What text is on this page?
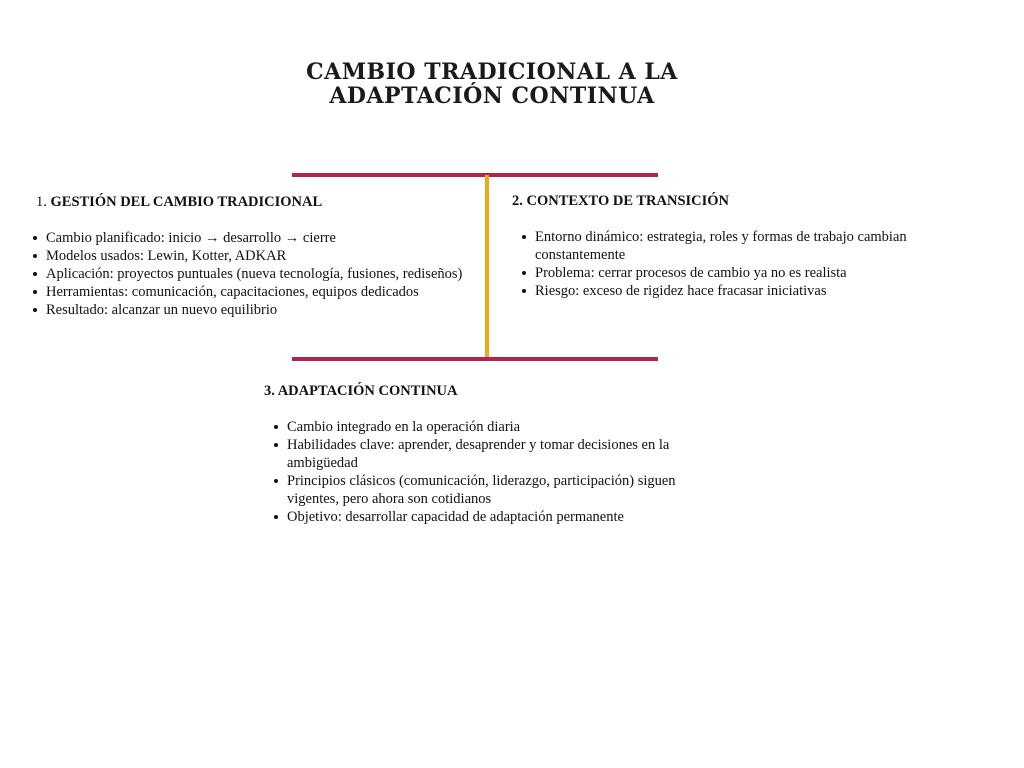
CAMBIO TRADICIONAL A LA
ADAPTACIÓN CONTINUA
1. GESTIÓN DEL CAMBIO TRADICIONAL
Cambio planificado: inicio → desarrollo → cierre
Modelos usados: Lewin, Kotter, ADKAR
Aplicación: proyectos puntuales (nueva tecnología, fusiones, rediseños)
Herramientas: comunicación, capacitaciones, equipos dedicados
Resultado: alcanzar un nuevo equilibrio
2. CONTEXTO DE TRANSICIÓN
Entorno dinámico: estrategia, roles y formas de trabajo cambian constantemente
Problema: cerrar procesos de cambio ya no es realista
Riesgo: exceso de rigidez hace fracasar iniciativas
3. ADAPTACIÓN CONTINUA
Cambio integrado en la operación diaria
Habilidades clave: aprender, desaprender y tomar decisiones en la ambigüedad
Principios clásicos (comunicación, liderazgo, participación) siguen vigentes, pero ahora son cotidianos
Objetivo: desarrollar capacidad de adaptación permanente
